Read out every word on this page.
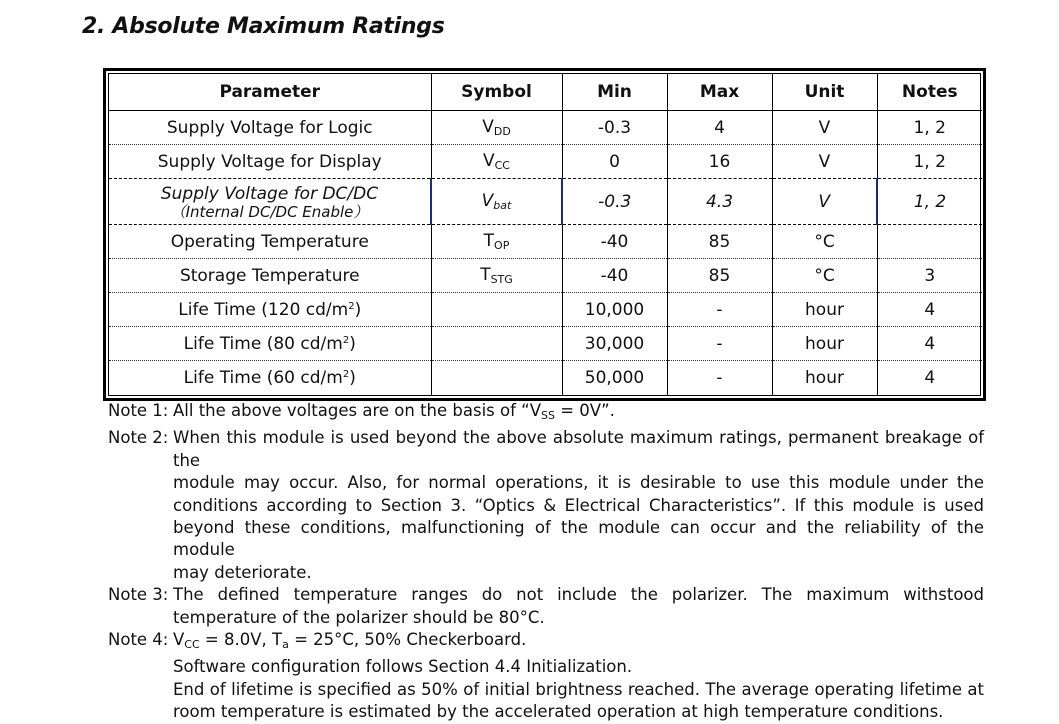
2. Absolute Maximum Ratings
Parameter	Symbol	Min	Max	Unit	Notes
Supply Voltage for Logic	$V_{DD}$	-0.3	4	V	1, 2
Supply Voltage for Display	$V_{CC}$	0	16	V	1, 2

Supply Voltage for DC/DC
（Internal DC/DC Enable）	$V_{bat}$	-0.3	4.3	V	1, 2
Operating Temperature	$T_{OP}$	-40	85	°C	
Storage Temperature	$T_{STG}$	-40	85	°C	3
Life Time (120 $cd/m^2$)		10,000	-	hour	4
Life Time (80 $cd/m^2$)		30,000	-	hour	4
Life Time (60 $cd/m^2$)		50,000	-	hour	4
Note 1: All the above voltages are on the basis of “$V_{SS} = 0V$”.
Note 2: When this module is used beyond the above absolute maximum ratings, permanent breakage of the
module may occur. Also, for normal operations, it is desirable to use this module under the
conditions according to Section 3. “Optics & Electrical Characteristics”. If this module is used
beyond these conditions, malfunctioning of the module can occur and the reliability of the module
may deteriorate.
Note 3: The defined temperature ranges do not include the polarizer. The maximum withstood
temperature of the polarizer should be 80°C.
Note 4: $V_{CC} = 8.0V$, $T_a = 25^\circ C$, 50% Checkerboard.
Software configuration follows Section 4.4 Initialization.
End of lifetime is specified as 50% of initial brightness reached. The average operating lifetime at
room temperature is estimated by the accelerated operation at high temperature conditions.
